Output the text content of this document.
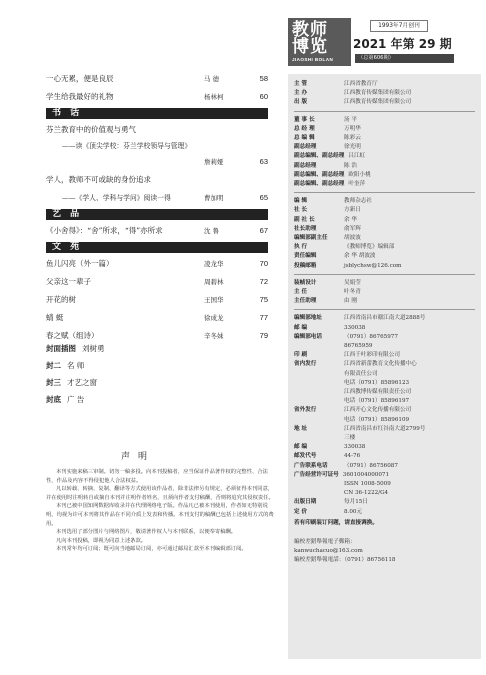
一心无累，便是良辰	马 德	58
学生给我最好的礼物	杨林柯	60
书 话
芬兰教育中的价值观与勇气
——读《顶尖学校：芬兰学校领导与管理》
詹莉娅	63
学人，教师不可或缺的身份追求
——《学人、学科与学问》阅读一得	曹加明	65
艺 品
《小舍得》：“舍”所求，“得”亦所求	沈 鲁	67
文 苑
鱼儿闪亮（外一篇）	凌龙华	70
父亲这一辈子	周碧林	72
开花的树	王国华	75
蜻 蜓	徐成龙	77
春之赋（组诗）	辛冬妹	79
封面插图 刘树勇
封二 名 师
封三 才艺之窗
封底 广 告
声明

本刊实施来稿三审制。切勿一稿多投。向本刊投稿者，应当保证作品著作权的完整性、合法性，作品及内容不得侵犯他人合法权益。

凡以转载、转摘、复制、翻译等方式使用该作品者，除非法律另有规定，必须征得本刊同意，并在使用时注明转自或摘自本刊并注明作者姓名，且须向作者支付稿酬，否则将追究其侵权责任。

本刊已被中国知网数据库收录并在代理网络电子版。作品凡已被本刊使用，作者如无特别说明，均视为许可本刊将其作品在不同介质上发表和传播。本刊支付的稿酬已包括上述使用方式的费用。

本刊选用了部分图片与网络图片，敬请著作权人与本刊联系，以便奉寄稿酬。

凡向本刊投稿，即视为同意上述条款。

本刊常年均可订阅；既可向当地邮局订阅，亦可通过邮局汇款至本刊编辑部订阅。

教师
博览
JIAOSHI BOLAN
1993年7月创刊
2021 年第 29 期
（总第606期）
主 管	江西省教育厅
主 办	江西教育传媒集团有限公司
出 版	江西教育传媒集团有限公司
董 事 长	汤 平
总 经 理	万明华
总 编 辑	陈彩云
副总经理	徐光明
副总编辑、副总经理 吕江虹
副总经理	陈 浩
副总编辑、副总经理 欧阳小桃
副总编辑、副总经理 叶奎萍
编 辑	教师杂志社
社 长	方新日
副 社 长	余 华
社长助理	俞军辉
编辑部副主任	胡波波
执 行	《教师博览》编辑部
责任编辑	余 华 胡波波
投稿邮箱	jsblychsw@126.com
装帧设计	吴娟莹
主 任	叶冬青
主任助理	由 刚
编辑部地址	江西省南昌市赣江南大道2888号
邮 编	330038
编辑部电话	（0791）86765977
86765959
印 刷	江西千叶彩印有限公司
省内发行	江西省新蕾教育文化传播中心
有限责任公司
电话（0791）85896123
江西教博传媒有限责任公司
电话（0791）85896197
省外发行	江西开心文化传播有限公司
电话（0791）85896109
地 址	江西省南昌市红谷南大道2799号
三楼
邮 编	330038
邮发代号	44-76
广告联系电话	（0791）86756087
广告经营许可证号 3601004000071
ISSN 1008-5009
CN 36-1222/G4
出版日期	每月15日
定 价	8.00元
若有印刷装订问题，请直接调换。
編校差錯舉報電子郵箱：
kanwuchacuo@163.com
編校差錯舉報電話：（0791）86756118
